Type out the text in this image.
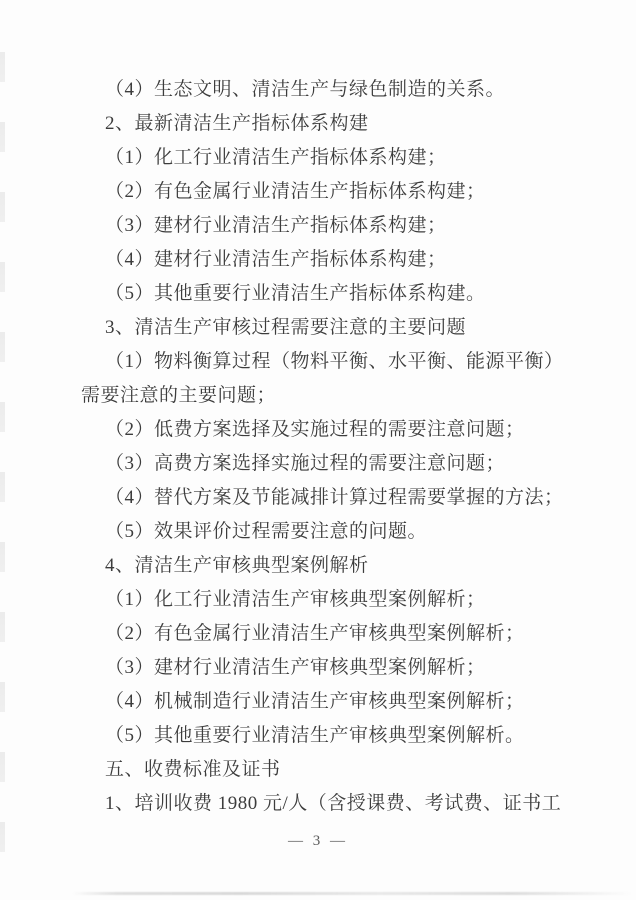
（4）生态文明、清洁生产与绿色制造的关系。
2、最新清洁生产指标体系构建
（1）化工行业清洁生产指标体系构建；
（2）有色金属行业清洁生产指标体系构建；
（3）建材行业清洁生产指标体系构建；
（4）建材行业清洁生产指标体系构建；
（5）其他重要行业清洁生产指标体系构建。
3、清洁生产审核过程需要注意的主要问题
（1）物料衡算过程（物料平衡、水平衡、能源平衡）
需要注意的主要问题；
（2）低费方案选择及实施过程的需要注意问题；
（3）高费方案选择实施过程的需要注意问题；
（4）替代方案及节能减排计算过程需要掌握的方法；
（5）效果评价过程需要注意的问题。
4、清洁生产审核典型案例解析
（1）化工行业清洁生产审核典型案例解析；
（2）有色金属行业清洁生产审核典型案例解析；
（3）建材行业清洁生产审核典型案例解析；
（4）机械制造行业清洁生产审核典型案例解析；
（5）其他重要行业清洁生产审核典型案例解析。
五、收费标准及证书
1、培训收费 1980 元/人（含授课费、考试费、证书工
— 3 —
